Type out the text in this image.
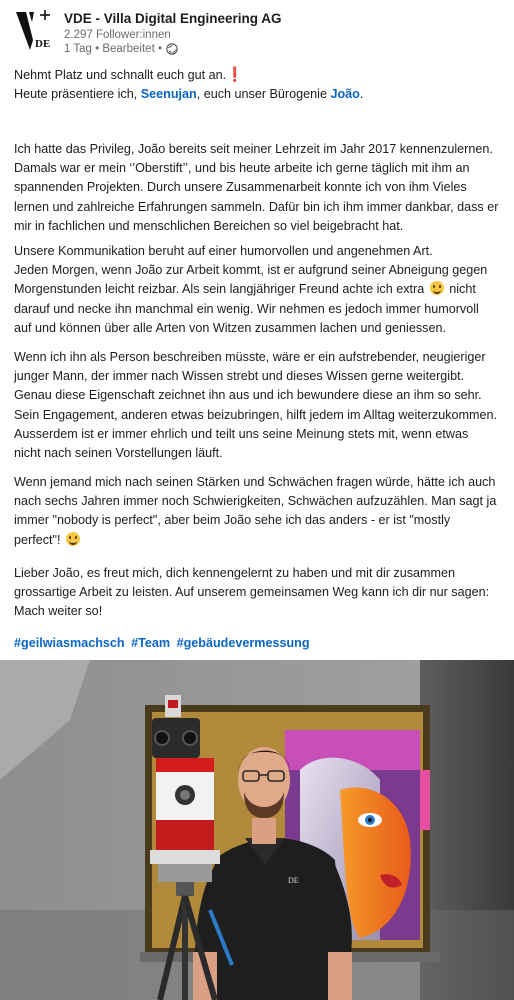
DE
VDE - Villa Digital Engineering AG
2.297 Follower:innen
1 Tag • Bearbeitet •

Nehmt Platz und schnallt euch gut an.❗

Heute präsentiere ich, Seenujan, euch unser Bürogenie João.

Ich hatte das Privileg, João bereits seit meiner Lehrzeit im Jahr 2017 kennenzulernen.

Damals war er mein ‘’Oberstift’’, und bis heute arbeite ich gerne täglich mit ihm an

spannenden Projekten. Durch unsere Zusammenarbeit konnte ich von ihm Vieles

lernen und zahlreiche Erfahrungen sammeln. Dafür bin ich ihm immer dankbar, dass er

mir in fachlichen und menschlichen Bereichen so viel beigebracht hat.

Unsere Kommunikation beruht auf einer humorvollen und angenehmen Art.

Jeden Morgen, wenn João zur Arbeit kommt, ist er aufgrund seiner Abneigung gegen

Morgenstunden leicht reizbar. Als sein langjähriger Freund achte ich extra nicht

darauf und necke ihn manchmal ein wenig. Wir nehmen es jedoch immer humorvoll

auf und können über alle Arten von Witzen zusammen lachen und geniessen.

Wenn ich ihn als Person beschreiben müsste, wäre er ein aufstrebender, neugieriger

junger Mann, der immer nach Wissen strebt und dieses Wissen gerne weitergibt.

Genau diese Eigenschaft zeichnet ihn aus und ich bewundere diese an ihm so sehr.

Sein Engagement, anderen etwas beizubringen, hilft jedem im Alltag weiterzukommen.

Ausserdem ist er immer ehrlich und teilt uns seine Meinung stets mit, wenn etwas

nicht nach seinen Vorstellungen läuft.

Wenn jemand mich nach seinen Stärken und Schwächen fragen würde, hätte ich auch

nach sechs Jahren immer noch Schwierigkeiten, Schwächen aufzuzählen. Man sagt ja

immer "nobody is perfect", aber beim João sehe ich das anders - er ist "mostly

perfect"!

Lieber João, es freut mich, dich kennengelernt zu haben und mit dir zusammen

grossartige Arbeit zu leisten. Auf unserem gemeinsamen Weg kann ich dir nur sagen:

Mach weiter so!

#geilwiasmachsch #Team #gebäudevermessung

DE
